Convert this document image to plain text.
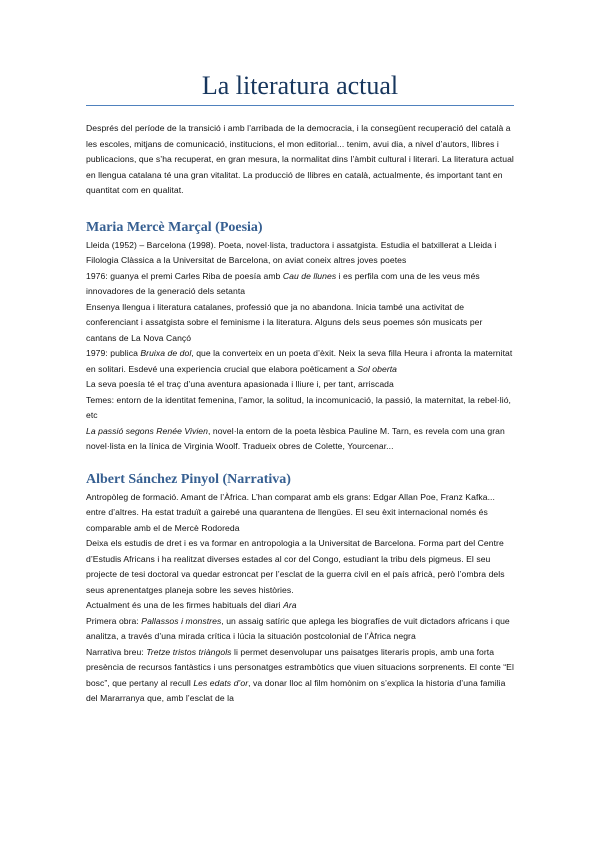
La literatura actual

Després del període de la transició i amb l’arribada de la democracia, i la consegüent recuperació del català a les escoles, mitjans de comunicació, institucions, el mon editorial... tenim, avui dia, a nivel d’autors, llibres i publicacions, que s’ha recuperat, en gran mesura, la normalitat dins l’àmbit cultural i literari. La literatura actual en llengua catalana té una gran vitalitat. La producció de llibres en català, actualmente, és important tant en quantitat com en qualitat.

Maria Mercè Marçal (Poesia)

Lleida (1952) – Barcelona (1998). Poeta, novel·lista, traductora i assatgista. Estudia el batxillerat a Lleida i Filologia Clàssica a la Universitat de Barcelona, on aviat coneix altres joves poetes

1976: guanya el premi Carles Riba de poesía amb Cau de llunes i es perfila com una de les veus més innovadores de la generació dels setanta

Ensenya llengua i literatura catalanes, professió que ja no abandona. Inicia també una activitat de conferenciant i assatgista sobre el feminisme i la literatura. Alguns dels seus poemes són musicats per cantans de La Nova Cançó

1979: publica Bruixa de dol, que la converteix en un poeta d’èxit. Neix la seva filla Heura i afronta la maternitat en solitari. Esdevé una experiencia crucial que elabora poèticament a Sol oberta

La seva poesía té el traç d’una aventura apasionada i lliure i, per tant, arriscada

Temes: entorn de la identitat femenina, l’amor, la solitud, la incomunicació, la passió, la maternitat, la rebel·lió, etc

La passió segons Renée Vivien, novel·la entorn de la poeta lèsbica Pauline M. Tarn, es revela com una gran novel·lista en la línica de Virginia Woolf. Tradueix obres de Colette, Yourcenar...

Albert Sánchez Pinyol (Narrativa)

Antropòleg de formació. Amant de l’Àfrica. L’han comparat amb els grans: Edgar Allan Poe, Franz Kafka... entre d’altres. Ha estat traduït a gairebé una quarantena de llengües. El seu èxit internacional només és comparable amb el de Mercè Rodoreda

Deixa els estudis de dret i es va formar en antropologia a la Universitat de Barcelona. Forma part del Centre d’Estudis Africans i ha realitzat diverses estades al cor del Congo, estudiant la tribu dels pigmeus. El seu projecte de tesi doctoral va quedar estroncat per l’esclat de la guerra civil en el país africà, però l’ombra dels seus aprenentatges planeja sobre les seves històries.

Actualment és una de les firmes habituals del diari Ara

Primera obra: Pallassos i monstres, un assaig satíric que aplega les biografíes de vuit dictadors africans i que analitza, a través d’una mirada crítica i lúcia la situación postcolonial de l’Àfrica negra

Narrativa breu: Tretze tristos triàngols li permet desenvolupar uns paisatges literaris propis, amb una forta presència de recursos fantàstics i uns personatges estrambòtics que viuen situacions sorprenents. El conte “El bosc”, que pertany al recull Les edats d’or, va donar lloc al film homònim on s’explica la historia d’una familia del Mararranya que, amb l’esclat de la
